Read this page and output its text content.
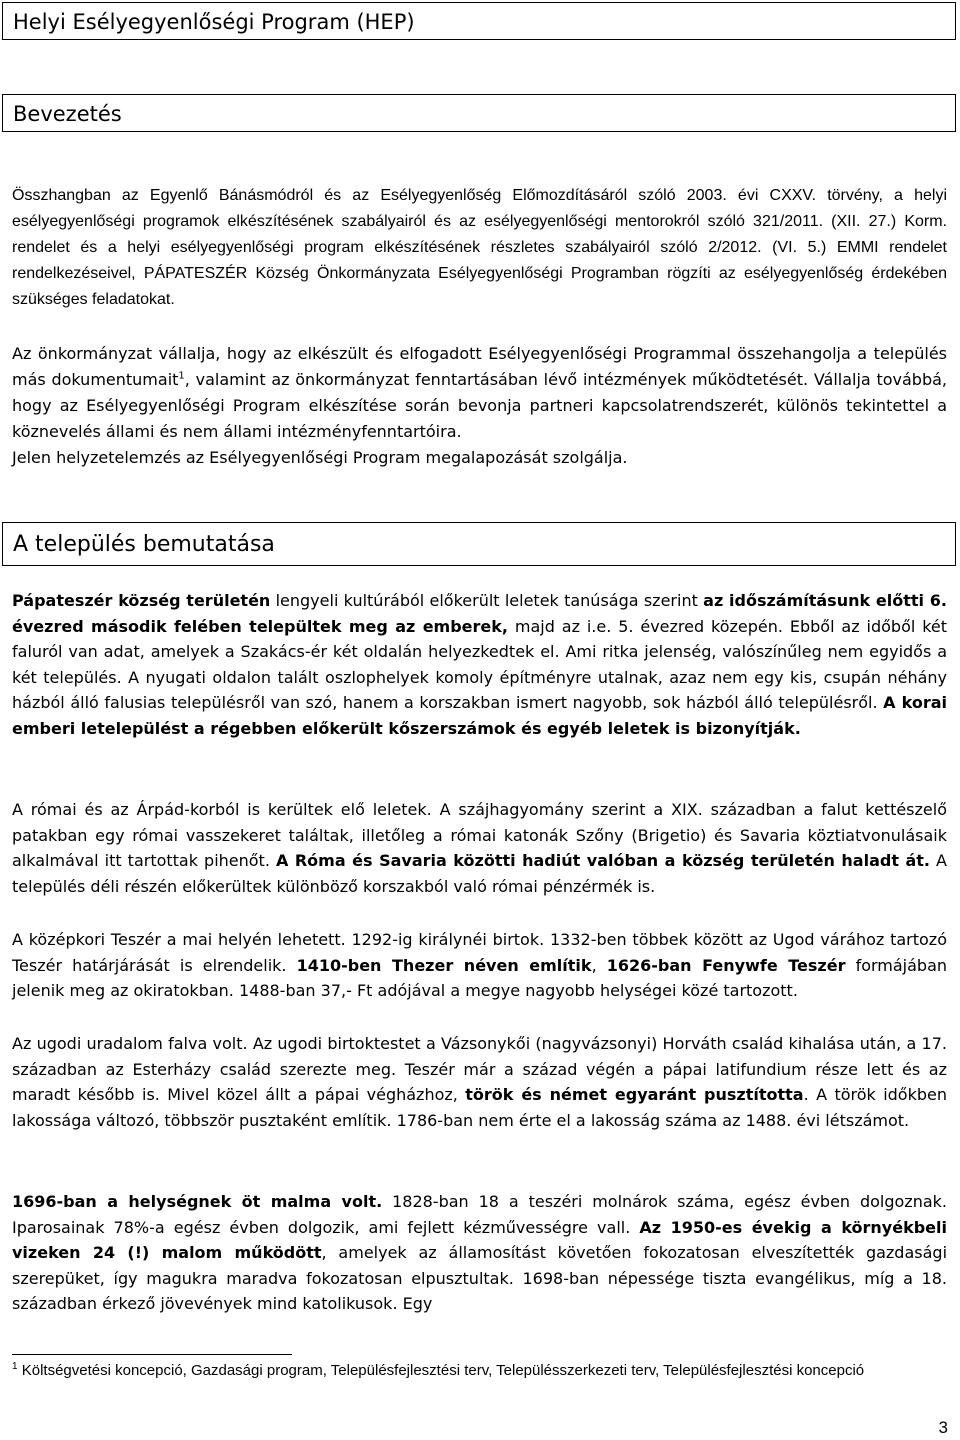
Helyi Esélyegyenlőségi Program (HEP)
Bevezetés

Összhangban az Egyenlő Bánásmódról és az Esélyegyenlőség Előmozdításáról szóló 2003. évi CXXV. törvény, a helyi esélyegyenlőségi programok elkészítésének szabályairól és az esélyegyenlőségi mentorokról szóló 321/2011. (XII. 27.) Korm. rendelet és a helyi esélyegyenlőségi program elkészítésének részletes szabályairól szóló 2/2012. (VI. 5.) EMMI rendelet rendelkezéseivel, PÁPATESZÉR Község Önkormányzata Esélyegyenlőségi Programban rögzíti az esélyegyenlőség érdekében szükséges feladatokat.

Az önkormányzat vállalja, hogy az elkészült és elfogadott Esélyegyenlőségi Programmal összehangolja a település más dokumentumait$^1$, valamint az önkormányzat fenntartásában lévő intézmények működtetését. Vállalja továbbá, hogy az Esélyegyenlőségi Program elkészítése során bevonja partneri kapcsolatrendszerét, különös tekintettel a köznevelés állami és nem állami intézményfenntartóira.

Jelen helyzetelemzés az Esélyegyenlőségi Program megalapozását szolgálja.

A település bemutatása

Pápateszér község területén lengyeli kultúrából előkerült leletek tanúsága szerint az időszámításunk előtti 6. évezred második felében települtek meg az emberek, majd az i.e. 5. évezred közepén. Ebből az időből két faluról van adat, amelyek a Szakács-ér két oldalán helyezkedtek el. Ami ritka jelenség, valószínűleg nem egyidős a két település. A nyugati oldalon talált oszlophelyek komoly építményre utalnak, azaz nem egy kis, csupán néhány házból álló falusias településről van szó, hanem a korszakban ismert nagyobb, sok házból álló településről. A korai emberi letelepülést a régebben előkerült kőszerszámok és egyéb leletek is bizonyítják.

A római és az Árpád-korból is kerültek elő leletek. A szájhagyomány szerint a XIX. században a falut kettészelő patakban egy római vasszekeret találtak, illetőleg a római katonák Szőny (Brigetio) és Savaria köztiatvonulásaik alkalmával itt tartottak pihenőt. A Róma és Savaria közötti hadiút valóban a község területén haladt át. A település déli részén előkerültek különböző korszakból való római pénzérmék is.

A középkori Teszér a mai helyén lehetett. 1292-ig királynéi birtok. 1332-ben többek között az Ugod várához tartozó Teszér határjárását is elrendelik. 1410-ben Thezer néven említik, 1626-ban Fenywfe Teszér formájában jelenik meg az okiratokban. 1488-ban 37,- Ft adójával a megye nagyobb helységei közé tartozott.

Az ugodi uradalom falva volt. Az ugodi birtoktestet a Vázsonykői (nagyvázsonyi) Horváth család kihalása után, a 17. században az Esterházy család szerezte meg. Teszér már a század végén a pápai latifundium része lett és az maradt később is. Mivel közel állt a pápai végházhoz, török és német egyaránt pusztította. A török időkben lakossága változó, többször pusztaként említik. 1786-ban nem érte el a lakosság száma az 1488. évi létszámot.

1696-ban a helységnek öt malma volt. 1828-ban 18 a teszéri molnárok száma, egész évben dolgoznak. Iparosainak 78%-a egész évben dolgozik, ami fejlett kézművességre vall. Az 1950-es évekig a környékbeli vizeken 24 (!) malom működött, amelyek az államosítást követően fokozatosan elveszítették gazdasági szerepüket, így magukra maradva fokozatosan elpusztultak. 1698-ban népessége tiszta evangélikus, míg a 18. században érkező jövevények mind katolikusok. Egy

$^1$ Költségvetési koncepció, Gazdasági program, Településfejlesztési terv, Településszerkezeti terv, Településfejlesztési koncepció
3
